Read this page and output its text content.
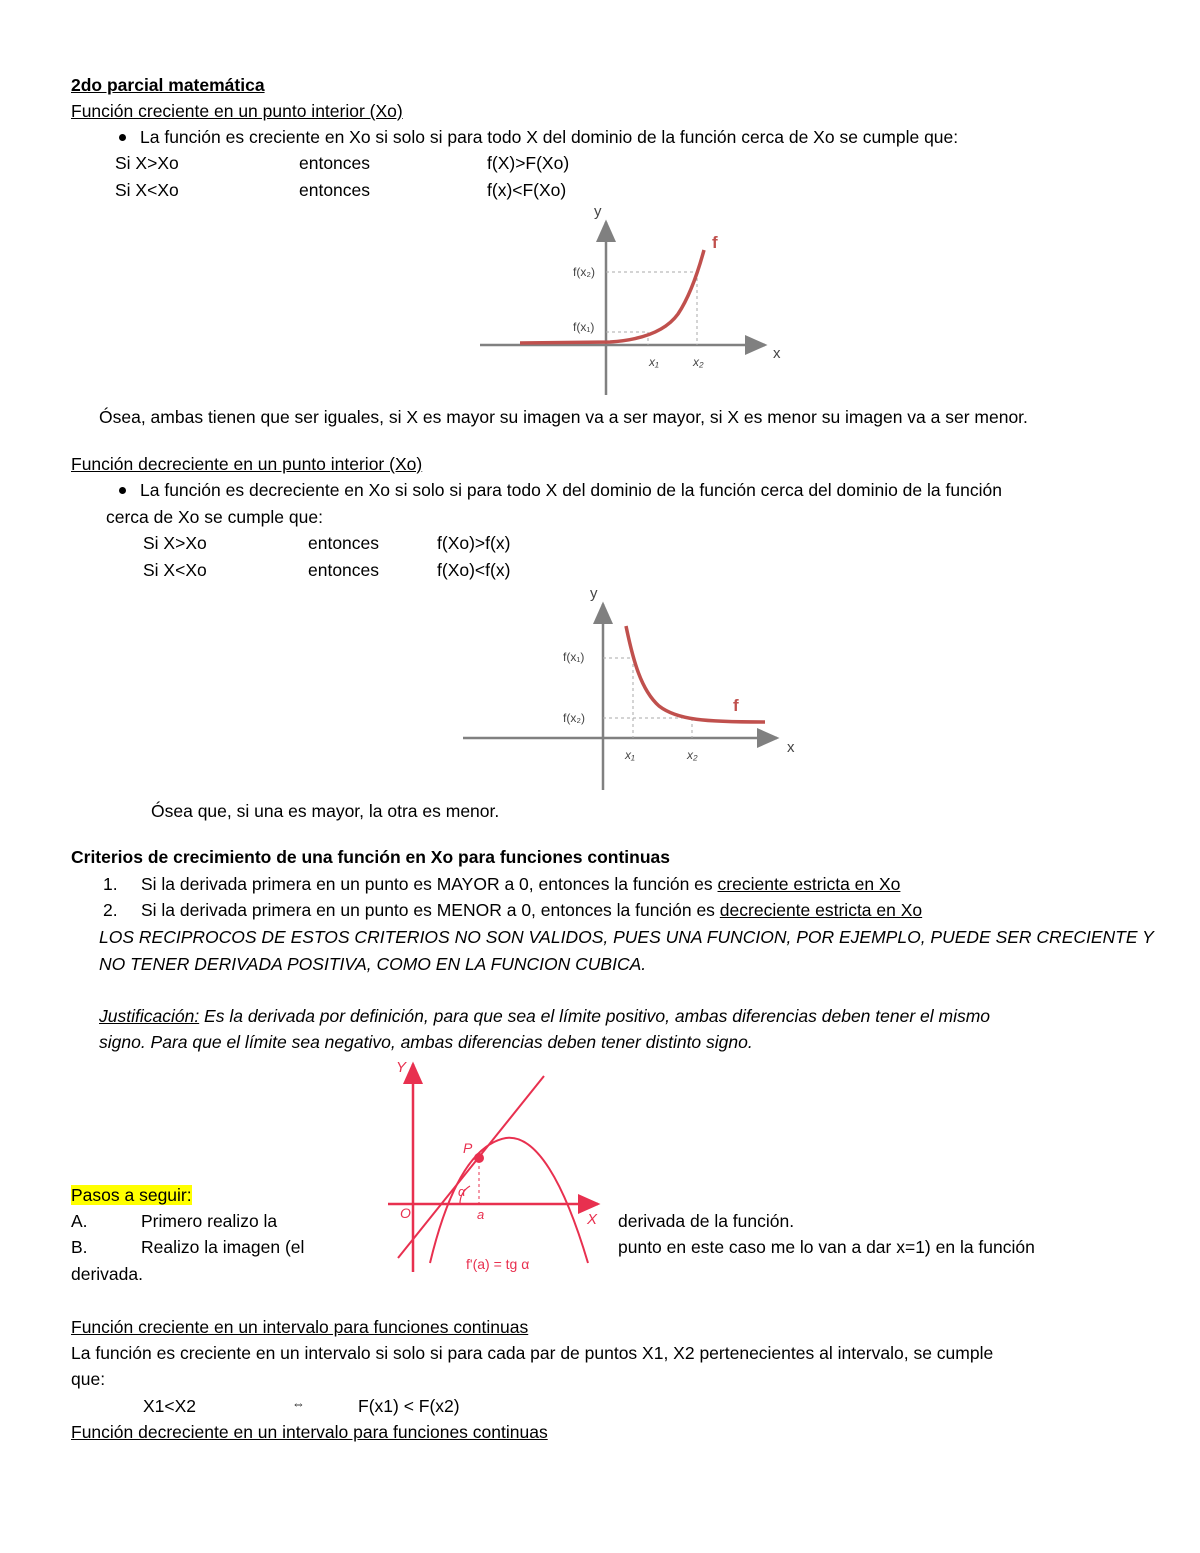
2do parcial matemática
Función creciente en un punto interior (Xo)
La función es creciente en Xo si solo si para todo X del dominio de la función cerca de Xo se cumple que:
Si X>Xo	entonces	f(X)>F(Xo)
Si X<Xo	entonces	f(x)<F(Xo)
y
x
f
f(x₂)
f(x₁)
x₁	x₂
Ósea, ambas tienen que ser iguales, si X es mayor su imagen va a ser mayor, si X es menor su imagen va a ser menor.
Función decreciente en un punto interior (Xo)
La función es decreciente en Xo si solo si para todo X del dominio de la función cerca del dominio de la función
cerca de Xo se cumple que:
Si X>Xo	entonces	f(Xo)>f(x)
Si X<Xo	entonces	f(Xo)<f(x)
y
x
f
f(x₁)
f(x₂)
x₁	x₂
Ósea que, si una es mayor, la otra es menor.
Criterios de crecimiento de una función en Xo para funciones continuas
1. Si la derivada primera en un punto es MAYOR a 0, entonces la función es creciente estricta en Xo
2. Si la derivada primera en un punto es MENOR a 0, entonces la función es decreciente estricta en Xo
LOS RECIPROCOS DE ESTOS CRITERIOS NO SON VALIDOS, PUES UNA FUNCION, POR EJEMPLO, PUEDE SER CRECIENTE Y
NO TENER DERIVADA POSITIVA, COMO EN LA FUNCION CUBICA.
Justificación: Es la derivada por definición, para que sea el límite positivo, ambas diferencias deben tener el mismo
signo. Para que el límite sea negativo, ambas diferencias deben tener distinto signo.
Y
X
O
P
α
a
f'(a) = tg α
Pasos a seguir:
A.	Primero realizo la	derivada de la función.
B.	Realizo la imagen (el	punto en este caso me lo van a dar x=1) en la función
derivada.
Función creciente en un intervalo para funciones continuas
La función es creciente en un intervalo si solo si para cada par de puntos X1, X2 pertenecientes al intervalo, se cumple
que:
X1<X2	⇔	F(x1) < F(x2)
Función decreciente en un intervalo para funciones continuas
